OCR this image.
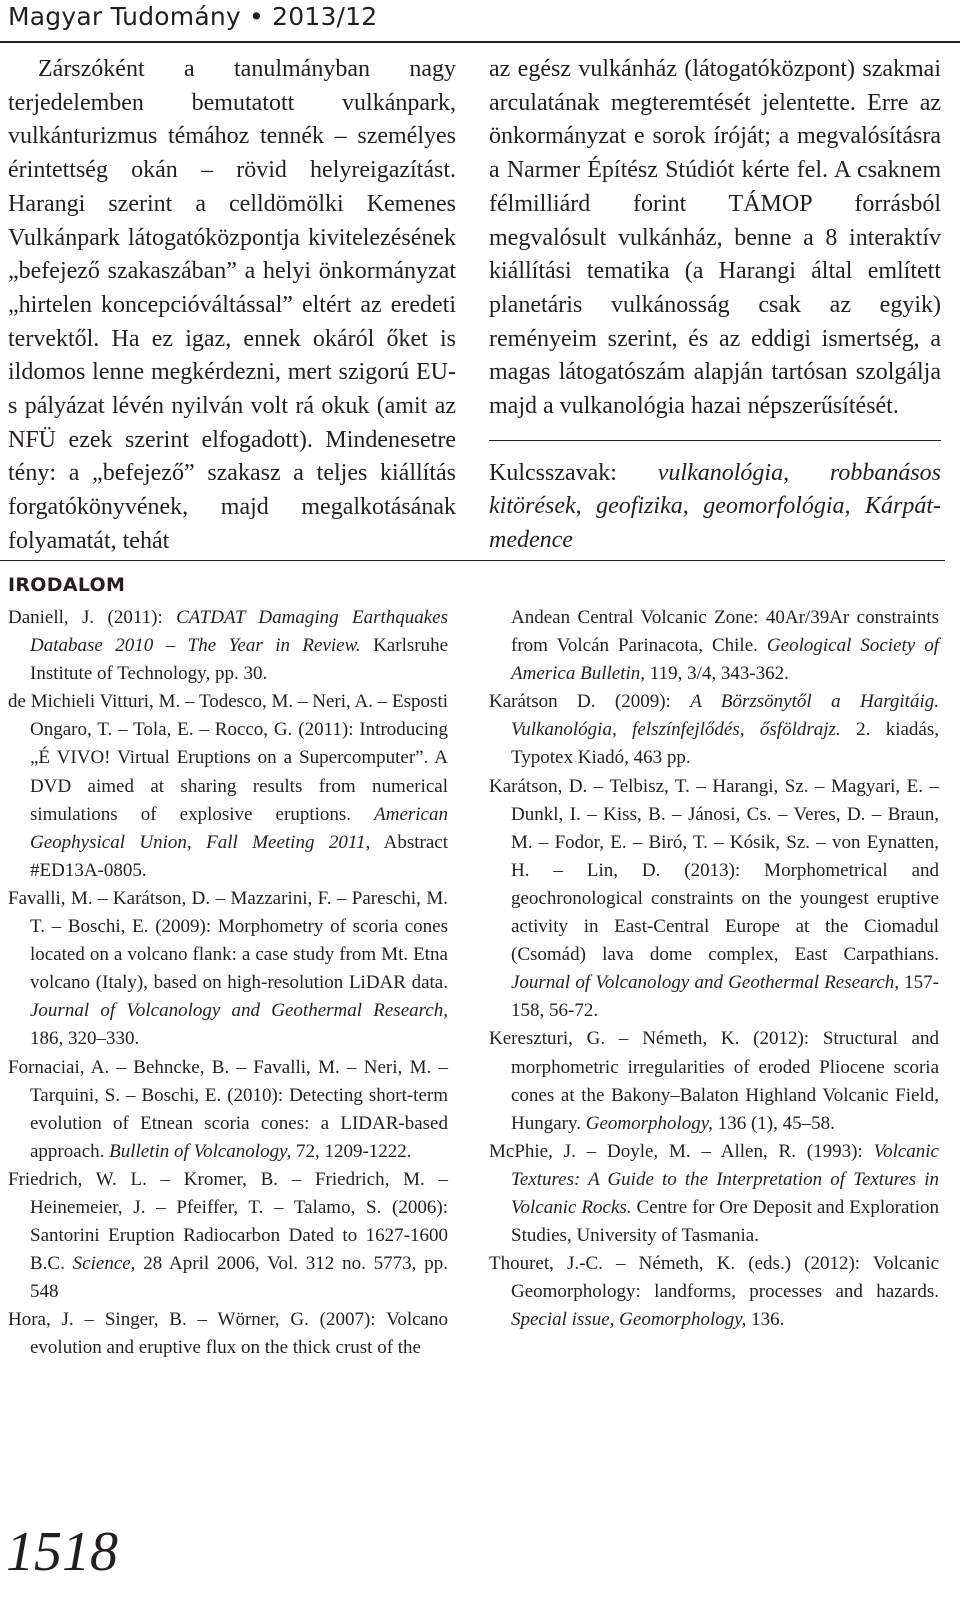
Magyar Tudomány • 2013/12

Zárszóként a tanulmányban nagy terjedelemben bemutatott vulkánpark, vulkánturizmus témához tennék – személyes érintettség okán – rövid helyreigazítást. Harangi szerint a celldömölki Kemenes Vulkánpark látogatóközpontja kivitelezésének „befejező szakaszában” a helyi önkormányzat „hirtelen koncepcióváltással” eltért az eredeti tervektől. Ha ez igaz, ennek okáról őket is ildomos lenne megkérdezni, mert szigorú EU-s pályázat lévén nyilván volt rá okuk (amit az NFÜ ezek szerint elfogadott). Mindenesetre tény: a „befejező” szakasz a teljes kiállítás forgatókönyvének, majd megalkotásának folyamatát, tehát

az egész vulkánház (látogatóközpont) szakmai arculatának megteremtését jelentette. Erre az önkormányzat e sorok íróját; a megvalósításra a Narmer Építész Stúdiót kérte fel. A csaknem félmilliárd forint TÁMOP forrásból megvalósult vulkánház, benne a 8 interaktív kiállítási tematika (a Harangi által említett planetáris vulkánosság csak az egyik) reményeim szerint, és az eddigi ismertség, a magas látogatószám alapján tartósan szolgálja majd a vulkanológia hazai népszerűsítését.

Kulcsszavak: vulkanológia, robbanásos kitörések, geofizika, geomorfológia, Kárpát-medence

IRODALOM

Daniell, J. (2011): CATDAT Damaging Earthquakes Database 2010 – The Year in Review. Karlsruhe Institute of Technology, pp. 30.

de Michieli Vitturi, M. – Todesco, M. – Neri, A. – Esposti Ongaro, T. – Tola, E. – Rocco, G. (2011): Introducing „É VIVO! Virtual Eruptions on a Supercomputer”. A DVD aimed at sharing results from numerical simulations of explosive eruptions. American Geophysical Union, Fall Meeting 2011, Abstract #ED13A-0805.

Favalli, M. – Karátson, D. – Mazzarini, F. – Pareschi, M. T. – Boschi, E. (2009): Morphometry of scoria cones located on a volcano flank: a case study from Mt. Etna volcano (Italy), based on high-resolution LiDAR data. Journal of Volcanology and Geothermal Research, 186, 320–330.

Fornaciai, A. – Behncke, B. – Favalli, M. – Neri, M. – Tarquini, S. – Boschi, E. (2010): Detecting short-term evolution of Etnean scoria cones: a LIDAR-based approach. Bulletin of Volcanology, 72, 1209-1222.

Friedrich, W. L. – Kromer, B. – Friedrich, M. – Heinemeier, J. – Pfeiffer, T. – Talamo, S. (2006): Santorini Eruption Radiocarbon Dated to 1627-1600 B.C. Science, 28 April 2006, Vol. 312 no. 5773, pp. 548

Hora, J. – Singer, B. – Wörner, G. (2007): Volcano evolution and eruptive flux on the thick crust of the

Andean Central Volcanic Zone: 40Ar/39Ar constraints from Volcán Parinacota, Chile. Geological Society of America Bulletin, 119, 3/4, 343-362.

Karátson D. (2009): A Börzsönytől a Hargitáig. Vulkanológia, felszínfejlődés, ősföldrajz. 2. kiadás, Typotex Kiadó, 463 pp.

Karátson, D. – Telbisz, T. – Harangi, Sz. – Magyari, E. – Dunkl, I. – Kiss, B. – Jánosi, Cs. – Veres, D. – Braun, M. – Fodor, E. – Biró, T. – Kósik, Sz. – von Eynatten, H. – Lin, D. (2013): Morphometrical and geochronological constraints on the youngest eruptive activity in East-Central Europe at the Ciomadul (Csomád) lava dome complex, East Carpathians. Journal of Volcanology and Geothermal Research, 157-158, 56-72.

Kereszturi, G. – Németh, K. (2012): Structural and morphometric irregularities of eroded Pliocene scoria cones at the Bakony–Balaton Highland Volcanic Field, Hungary. Geomorphology, 136 (1), 45–58.

McPhie, J. – Doyle, M. – Allen, R. (1993): Volcanic Textures: A Guide to the Interpretation of Textures in Volcanic Rocks. Centre for Ore Deposit and Exploration Studies, University of Tasmania.

Thouret, J.-C. – Németh, K. (eds.) (2012): Volcanic Geomorphology: landforms, processes and hazards. Special issue, Geomorphology, 136.

1518
